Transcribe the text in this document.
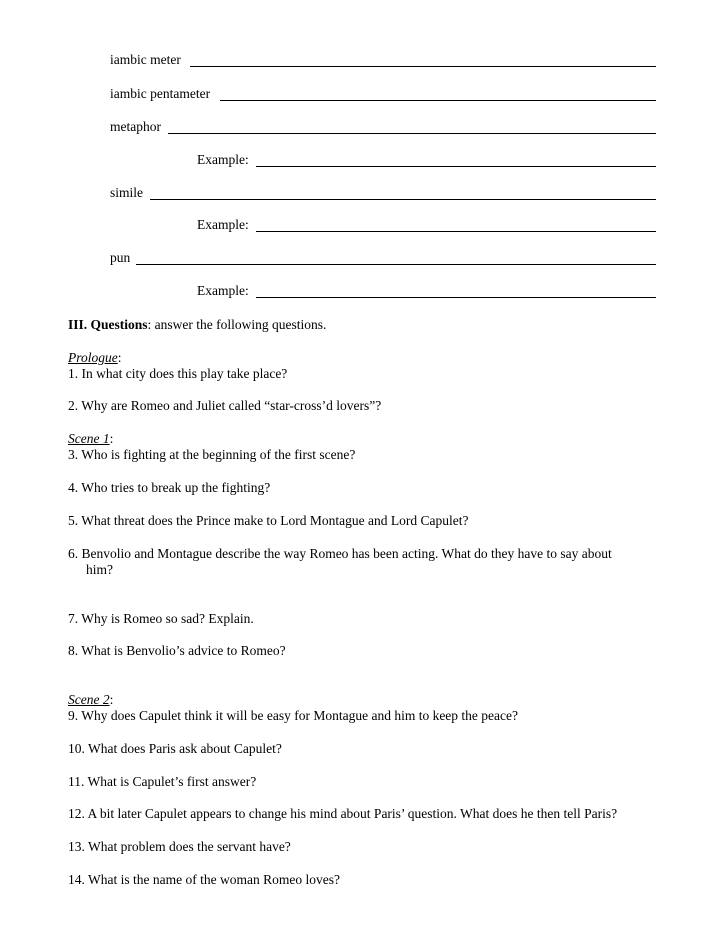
iambic meter
iambic pentameter
metaphor
Example:
simile
Example:
pun
Example:
III. Questions: answer the following questions.
Prologue:
1. In what city does this play take place?
2. Why are Romeo and Juliet called “star-cross’d lovers”?
Scene 1:
3. Who is fighting at the beginning of the first scene?
4. Who tries to break up the fighting?
5. What threat does the Prince make to Lord Montague and Lord Capulet?
6. Benvolio and Montague describe the way Romeo has been acting. What do they have to say about
him?
7. Why is Romeo so sad? Explain.
8. What is Benvolio’s advice to Romeo?
Scene 2:
9. Why does Capulet think it will be easy for Montague and him to keep the peace?
10. What does Paris ask about Capulet?
11. What is Capulet’s first answer?
12. A bit later Capulet appears to change his mind about Paris’ question. What does he then tell Paris?
13. What problem does the servant have?
14. What is the name of the woman Romeo loves?
